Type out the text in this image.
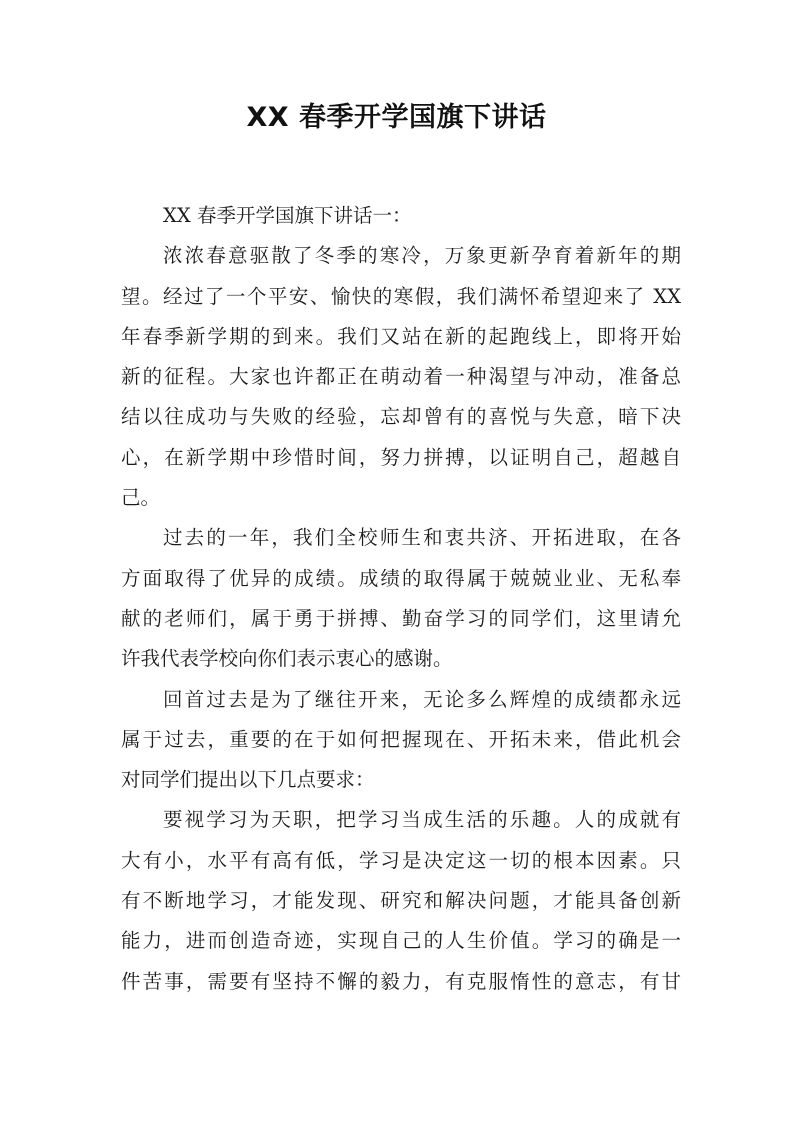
XX 春季开学国旗下讲话
XX 春季开学国旗下讲话一：
浓浓春意驱散了冬季的寒冷，万象更新孕育着新年的期
望。经过了一个平安、愉快的寒假，我们满怀希望迎来了 XX
年春季新学期的到来。我们又站在新的起跑线上，即将开始
新的征程。大家也许都正在萌动着一种渴望与冲动，准备总
结以往成功与失败的经验，忘却曾有的喜悦与失意，暗下决
心，在新学期中珍惜时间，努力拼搏，以证明自己，超越自
己。
过去的一年，我们全校师生和衷共济、开拓进取，在各
方面取得了优异的成绩。成绩的取得属于兢兢业业、无私奉
献的老师们，属于勇于拼搏、勤奋学习的同学们，这里请允
许我代表学校向你们表示衷心的感谢。
回首过去是为了继往开来，无论多么辉煌的成绩都永远
属于过去，重要的在于如何把握现在、开拓未来，借此机会
对同学们提出以下几点要求：
要视学习为天职，把学习当成生活的乐趣。人的成就有
大有小，水平有高有低，学习是决定这一切的根本因素。只
有不断地学习，才能发现、研究和解决问题，才能具备创新
能力，进而创造奇迹，实现自己的人生价值。学习的确是一
件苦事，需要有坚持不懈的毅力，有克服惰性的意志，有甘
